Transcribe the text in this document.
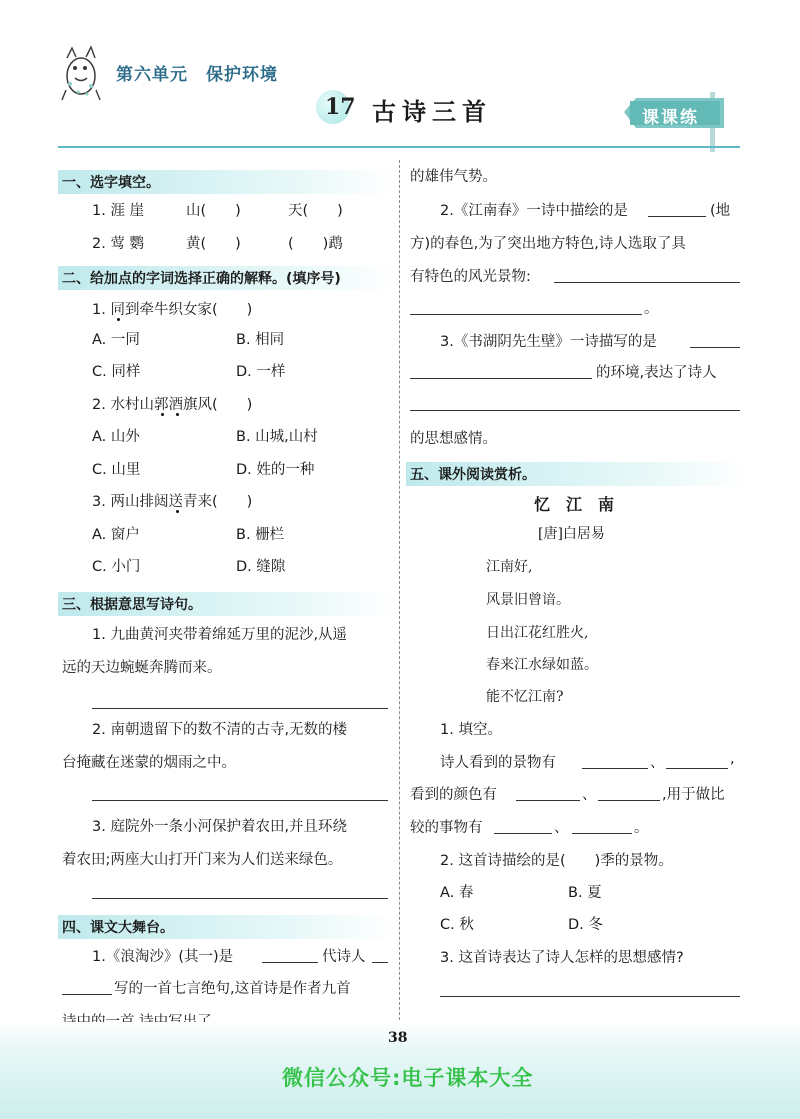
第六单元　保护环境
17 古诗三首	课课练
一、选字填空。
1. 涯 崖	山(　　)	天(　　)
2. 莺 鹦	黄(　　)	(　　)鹉
二、给加点的字词选择正确的解释。(填序号)
1. 同到牵牛织女家(　　)
A. 一同	B. 相同
C. 同样	D. 一样
2. 水村山郭酒旗风(　　)
A. 山外	B. 山城,山村
C. 山里	D. 姓的一种
3. 两山排闼送青来(　　)
A. 窗户	B. 栅栏
C. 小门	D. 缝隙
三、根据意思写诗句。
1. 九曲黄河夹带着绵延万里的泥沙,从遥
远的天边蜿蜒奔腾而来。
2. 南朝遗留下的数不清的古寺,无数的楼
台掩藏在迷蒙的烟雨之中。
3. 庭院外一条小河保护着农田,并且环绕
着农田;两座大山打开门来为人们送来绿色。
四、课文大舞台。
1.《浪淘沙》(其一)是	代诗人
写的一首七言绝句,这首诗是作者九首
的雄伟气势。
2.《江南春》一诗中描绘的是	(地
方)的春色,为了突出地方特色,诗人选取了具
有特色的风光景物:
。
3.《书湖阴先生壁》一诗描写的是
的环境,表达了诗人
的思想感情。
五、课外阅读赏析。
忆　江　南
[唐]白居易
江南好,
风景旧曾谙。
日出江花红胜火,
春来江水绿如蓝。
能不忆江南?
1. 填空。
诗人看到的景物有	、	,
看到的颜色有	、	,用于做比
较的事物有	、	。
2. 这首诗描绘的是(　　)季的景物。
A. 春	B. 夏
C. 秋	D. 冬
3. 这首诗表达了诗人怎样的思想感情?
38
微信公众号:电子课本大全
